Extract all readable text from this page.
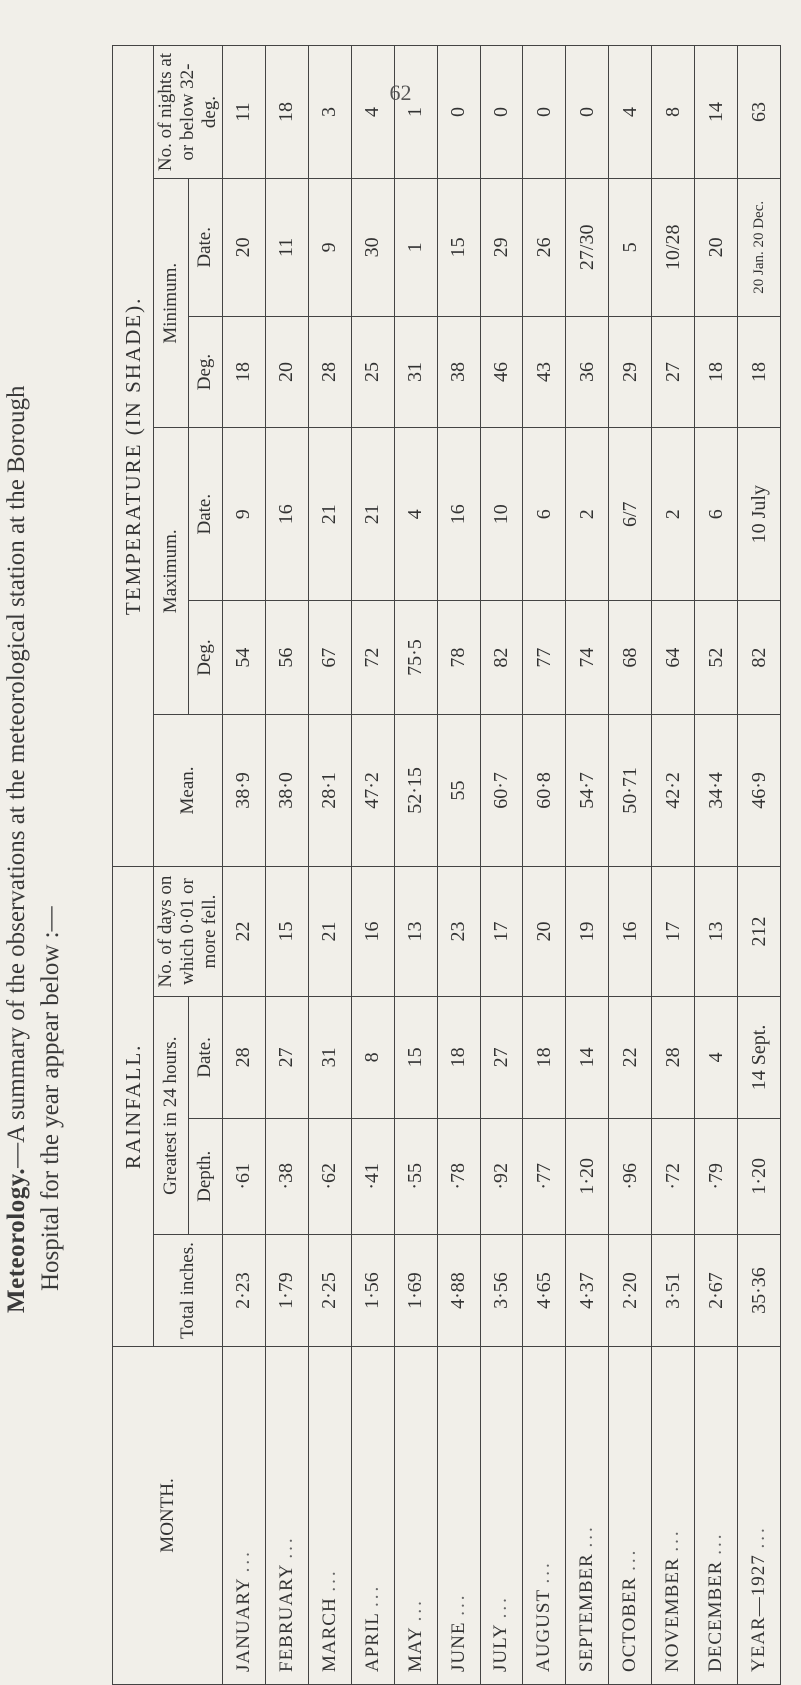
62
Meteorology.—A summary of the observations at the meteorological station at the Borough Hospital for the year appear below :—
MONTH.	RAINFALL.				TEMPERATURE (IN SHADE).					
	Total inches.	Greatest in 24 hours.		No. of days on which 0·01 or more fell.	Mean.	Maximum.		Minimum.		No. of nights at or below 32-deg.
		Depth.	Date.			Deg.	Date.	Deg.	Date.	
JANUARY ...	2·23	·61	28	22	38·9	54	9	18	20	11
FEBRUARY ...	1·79	·38	27	15	38·0	56	16	20	11	18
MARCH ...	2·25	·62	31	21	28·1	67	21	28	9	3
APRIL ...	1·56	·41	8	16	47·2	72	21	25	30	4
MAY ...	1·69	·55	15	13	52·15	75·5	4	31	1	1
JUNE ...	4·88	·78	18	23	55	78	16	38	15	0
JULY ...	3·56	·92	27	17	60·7	82	10	46	29	0
AUGUST ...	4·65	·77	18	20	60·8	77	6	43	26	0
SEPTEMBER ...	4·37	1·20	14	19	54·7	74	2	36	27/30	0
OCTOBER ...	2·20	·96	22	16	50·71	68	6/7	29	5	4
NOVEMBER ...	3·51	·72	28	17	42·2	64	2	27	10/28	8
DECEMBER ...	2·67	·79	4	13	34·4	52	6	18	20	14
YEAR—1927 ...	35·36	1·20	14 Sept.	212	46·9	82	10 July	18	20 Jan. 20 Dec.	63
